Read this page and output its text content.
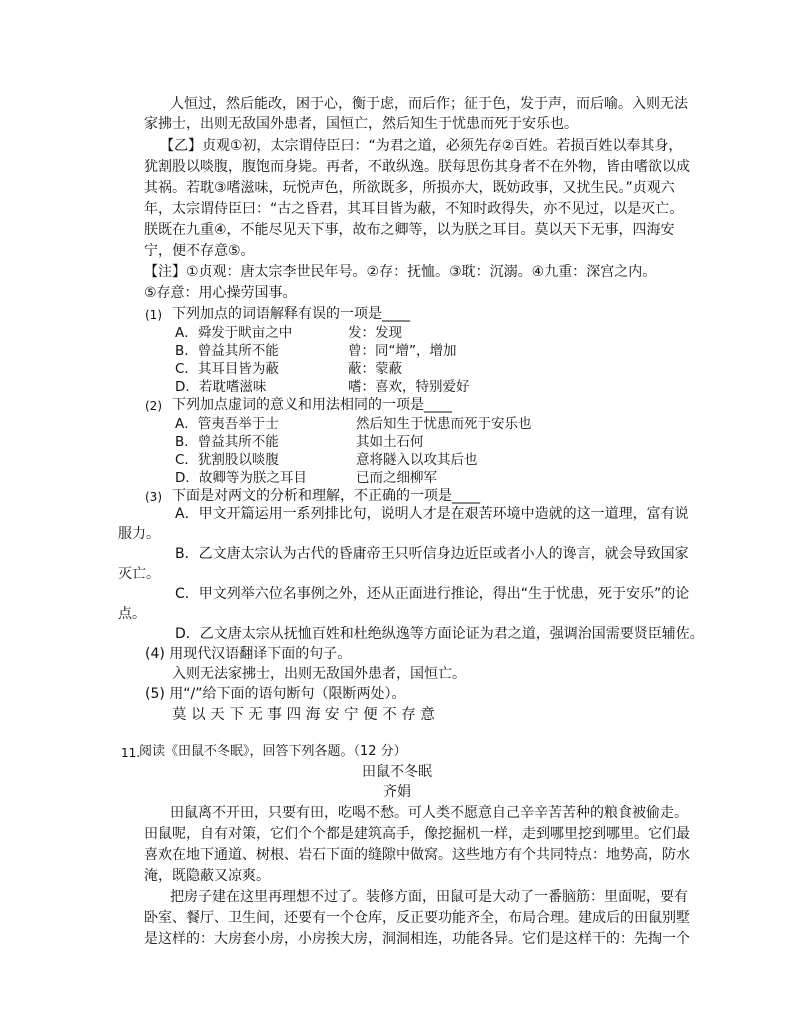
人恒过，然后能改，困于心，衡于虑，而后作；征于色，发于声，而后喻。入则无法
家拂士，出则无敌国外患者，国恒亡，然后知生于忧患而死于安乐也。
【乙】贞观①初，太宗谓侍臣曰：“为君之道，必须先存②百姓。若损百姓以奉其身，
犹割股以啖腹，腹饱而身毙。再者，不敢纵逸。朕每思伤其身者不在外物，皆由嗜欲以成
其祸。若耽③嗜滋味，玩悦声色，所欲既多，所损亦大，既妨政事，又扰生民。”贞观六
年，太宗谓侍臣曰：“古之昏君，其耳目皆为蔽，不知时政得失，亦不见过，以是灭亡。
朕既在九重④，不能尽见天下事，故布之卿等，以为朕之耳目。莫以天下无事，四海安
宁，便不存意⑤。
【注】①贞观：唐太宗李世民年号。②存：抚恤。③耽：沉溺。④九重：深宫之内。
⑤存意：用心操劳国事。
(1) 下列加点的词语解释有误的一项是____
A．舜发于畎亩之中	发：发现
B．曾益其所不能	曾：同“增”，增加
C．其耳目皆为蔽	蔽：蒙蔽
D．若耽嗜滋味	嗜：喜欢，特别爱好
(2) 下列加点虚词的意义和用法相同的一项是____
A．管夷吾举于士	然后知生于忧患而死于安乐也
B．曾益其所不能	其如土石何
C．犹割股以啖腹	意将隧入以攻其后也
D．故卿等为朕之耳目	已而之细柳军
(3) 下面是对两文的分析和理解，不正确的一项是____
A．甲文开篇运用一系列排比句，说明人才是在艰苦环境中造就的这一道理，富有说
服力。
B．乙文唐太宗认为古代的昏庸帝王只听信身边近臣或者小人的谗言，就会导致国家
灭亡。
C．甲文列举六位名事例之外，还从正面进行推论，得出“生于忧患，死于安乐”的论
点。
D．乙文唐太宗从抚恤百姓和杜绝纵逸等方面论证为君之道，强调治国需要贤臣辅佐。
(4) 用现代汉语翻译下面的句子。
入则无法家拂士，出则无敌国外患者，国恒亡。
(5) 用“/”给下面的语句断句（限断两处）。
莫 以 天 下 无 事 四 海 安 宁 便 不 存 意
11.
阅读《田鼠不冬眠》，回答下列各题。（12 分）
田鼠不冬眠
齐娟
田鼠离不开田，只要有田，吃喝不愁。可人类不愿意自己辛辛苦苦种的粮食被偷走。
田鼠呢，自有对策，它们个个都是建筑高手，像挖掘机一样，走到哪里挖到哪里。它们最
喜欢在地下通道、树根、岩石下面的缝隙中做窝。这些地方有个共同特点：地势高，防水
淹，既隐蔽又凉爽。
把房子建在这里再理想不过了。装修方面，田鼠可是大动了一番脑筋：里面呢，要有
卧室、餐厅、卫生间，还要有一个仓库，反正要功能齐全，布局合理。建成后的田鼠别墅
是这样的：大房套小房，小房挨大房，洞洞相连，功能各异。它们是这样干的：先掏一个
